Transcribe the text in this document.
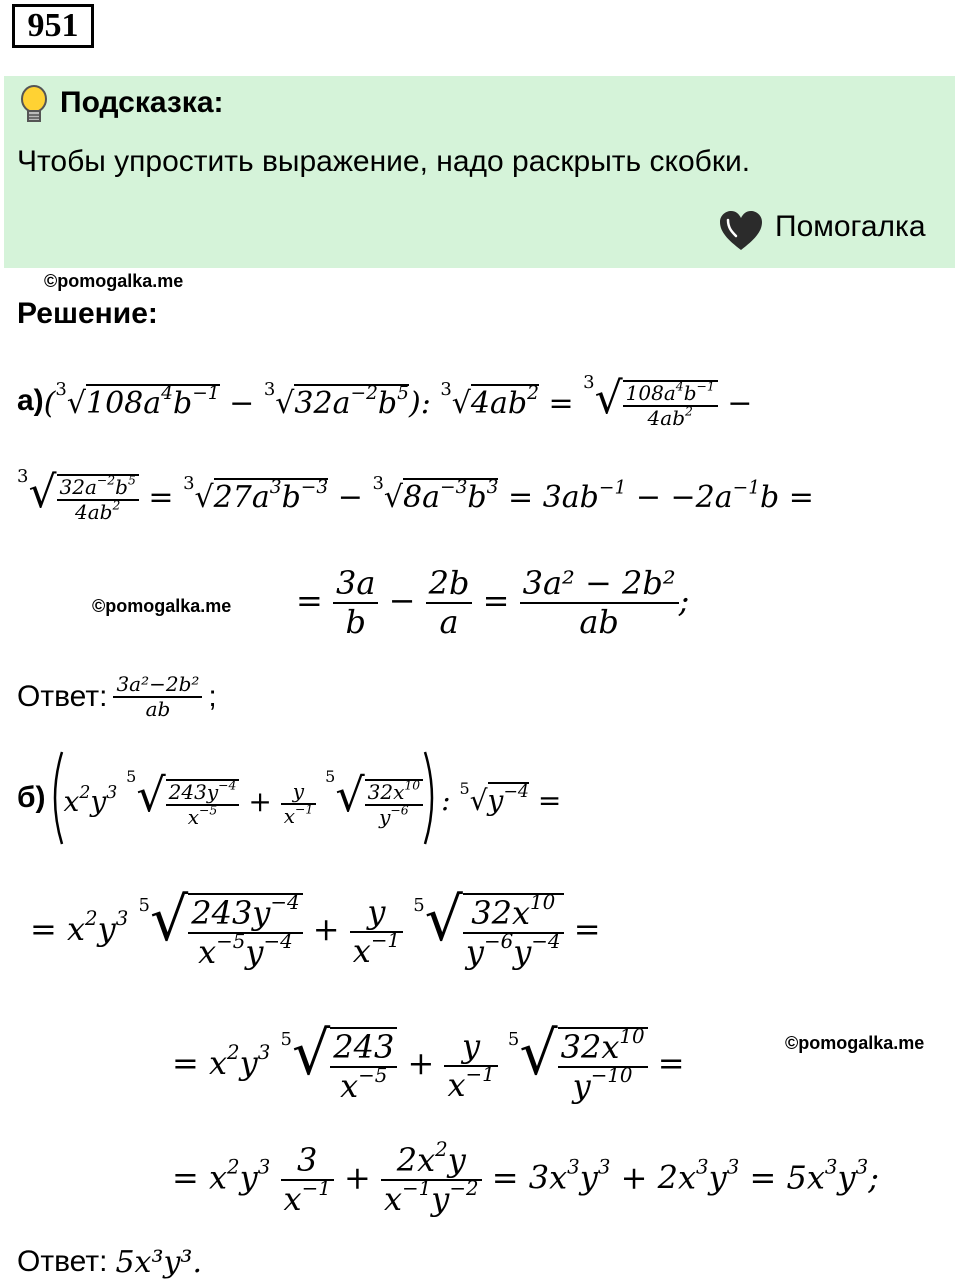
951
Подсказка:
Чтобы упростить выражение, надо раскрыть скобки.
Помогалка
©pomogalka.me
Решение:
а) $(^3√108a^4b^{-1} - ^3√32a^{-2}b^5)$: $^3√4ab^2 = ^3√ \frac{108a^4b^{-1}}{4ab^2}$ −
$^3√ \frac{32a^{-2}b^5}{4ab^2} = ^3√27a^3b^{-3} - ^3√8a^{-3}b^3 = 3ab^{-1} - -2a^{-1}b$ =
©pomogalka.me = $\frac{3a}{b} - \frac{2b}{a} = \frac{\text{3a² − 2b²}}{ab}$ ;
Ответ: $\frac{\text{3a²−2b²}}{ab}$ ;
б) $x^2y^3$ $^5√ \frac{243y^{-4}}{x^{-5}} + \frac{y}{x^{-1}}$
$^5√ \frac{32x^{10}}{y^{-6}}$ : $^5√y^{-4}$ =
= $x^2y^3$ $^5√ \frac{243y^{-4}}{x^{-5}y^{-4}} + \frac{y}{x^{-1}} ^5√ \frac{32x^{10}}{y^{-6}y^{-4}}$ =
= $x^2y^3$ $^5√ \frac{243}{x^{-5}} + \frac{y}{x^{-1}} ^5√ \frac{32x^{10}}{y^{-10}}$ =
©pomogalka.me
= $x^2y^3 \frac{3}{x^{-1}} + \frac{2x^2y}{x^{-1}y^{-2}} = 3x^3y^3 + 2x^3y^3 = 5x^3y^3$;
Ответ: 5x³y³.
